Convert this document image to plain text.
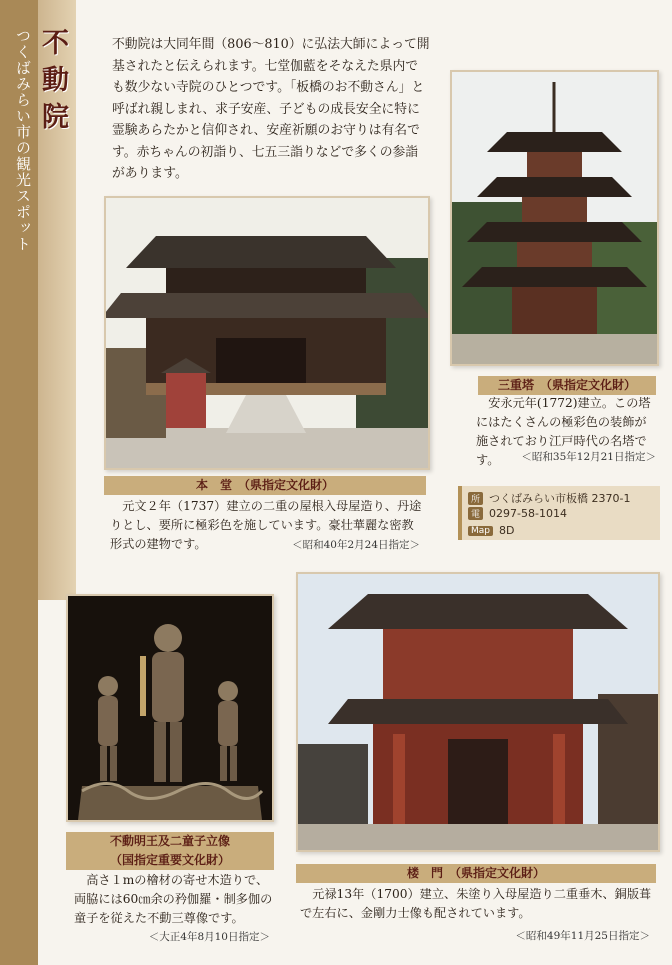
つくばみらい市の観光スポット 不動院	不動院は大同年間（806～810）に弘法大師によって開基されたと伝えられます。七堂伽藍をそなえた県内でも数少ない寺院のひとつです。「板橋のお不動さん」と呼ばれ親しまれ、求子安産、子どもの成長安全に特に霊験あらたかと信仰され、安産祈願のお守りは有名です。赤ちゃんの初詣り、七五三詣りなどで多くの参詣があります。
本　堂　（県指定文化財）
元文２年（1737）建立の二重の屋根入母屋造り、丹途りとし、要所に極彩色を施しています。豪壮華麗な密教形式の建物です。	＜昭和40年2月24日指定＞
三重塔　（県指定文化財）
安永元年(1772)建立。この塔にはたくさんの極彩色の装飾が施されており江戸時代の名塔です。	＜昭和35年12月21日指定＞
所 つくばみらい市板橋 2370-1
電 0297-58-1014
Map 8D
不動明王及二童子立像
（国指定重要文化財）
高さ１mの檜材の寄せ木造りで、両脇には60㎝余の矜伽羅・制多伽の童子を従えた不動三尊像です。
＜大正4年8月10日指定＞
楼　門　（県指定文化財）
元禄13年（1700）建立、朱塗り入母屋造り二重垂木、銅版葺で左右に、金剛力士像も配されています。
＜昭和49年11月25日指定＞
